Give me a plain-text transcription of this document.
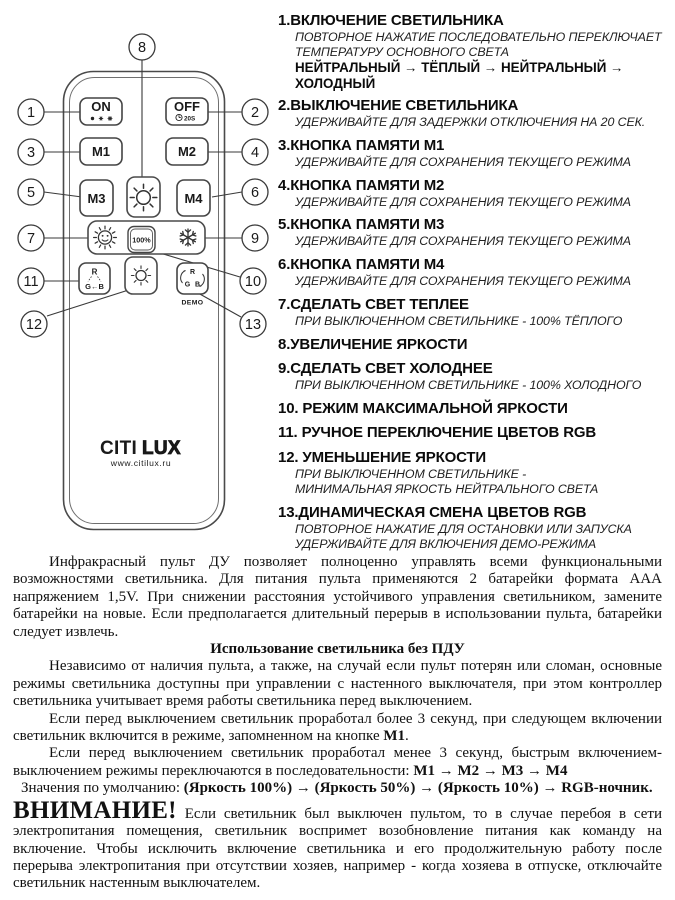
ON	OFF
20S
M1	M2
M3	M4
100%
R
G←B
R
G B
DEMO
CITI LUX
www.citilux.ru
1	2
3	4
5	6
7
8
9
10
11
12	13
1.ВКЛЮЧЕНИЕ СВЕТИЛЬНИКА
ПОВТОРНОЕ НАЖАТИЕ ПОСЛЕДОВАТЕЛЬНО ПЕРЕКЛЮЧАЕТ
ТЕМПЕРАТУРУ ОСНОВНОГО СВЕТА
НЕЙТРАЛЬНЫЙ → ТЁПЛЫЙ → НЕЙТРАЛЬНЫЙ → ХОЛОДНЫЙ
2.ВЫКЛЮЧЕНИЕ СВЕТИЛЬНИКА
УДЕРЖИВАЙТЕ ДЛЯ ЗАДЕРЖКИ ОТКЛЮЧЕНИЯ НА 20 СЕК.
3.КНОПКА ПАМЯТИ М1
УДЕРЖИВАЙТЕ ДЛЯ СОХРАНЕНИЯ ТЕКУЩЕГО РЕЖИМА
4.КНОПКА ПАМЯТИ М2
УДЕРЖИВАЙТЕ ДЛЯ СОХРАНЕНИЯ ТЕКУЩЕГО РЕЖИМА
5.КНОПКА ПАМЯТИ М3
УДЕРЖИВАЙТЕ ДЛЯ СОХРАНЕНИЯ ТЕКУЩЕГО РЕЖИМА
6.КНОПКА ПАМЯТИ М4
УДЕРЖИВАЙТЕ ДЛЯ СОХРАНЕНИЯ ТЕКУЩЕГО РЕЖИМА
7.СДЕЛАТЬ СВЕТ ТЕПЛЕЕ
ПРИ ВЫКЛЮЧЕННОМ СВЕТИЛЬНИКЕ - 100% ТЁПЛОГО
8.УВЕЛИЧЕНИЕ ЯРКОСТИ
9.СДЕЛАТЬ СВЕТ ХОЛОДНЕЕ
ПРИ ВЫКЛЮЧЕННОМ СВЕТИЛЬНИКЕ - 100% ХОЛОДНОГО
10. РЕЖИМ МАКСИМАЛЬНОЙ ЯРКОСТИ
11. РУЧНОЕ ПЕРЕКЛЮЧЕНИЕ ЦВЕТОВ RGB
12. УМЕНЬШЕНИЕ ЯРКОСТИ
ПРИ ВЫКЛЮЧЕННОМ СВЕТИЛЬНИКЕ -
МИНИМАЛЬНАЯ ЯРКОСТЬ НЕЙТРАЛЬНОГО СВЕТА
13.ДИНАМИЧЕСКАЯ СМЕНА ЦВЕТОВ RGB
ПОВТОРНОЕ НАЖАТИЕ ДЛЯ ОСТАНОВКИ ИЛИ ЗАПУСКА
УДЕРЖИВАЙТЕ ДЛЯ ВКЛЮЧЕНИЯ ДЕМО-РЕЖИМА

Инфракрасный пульт ДУ позволяет полноценно управлять всеми функциональными возможностями светильника. Для питания пульта применяются 2 батарейки формата ААА напряжением 1,5V. При снижении расстояния устойчивого управления светильником, замените батарейки на новые. Если предполагается длительный перерыв в использовании пульта, батарейки следует извлечь.

Использование светильника без ПДУ

Независимо от наличия пульта, а также, на случай если пульт потерян или сломан, основные режимы светильника доступны при управлении с настенного выключателя, при этом контроллер светильника учитывает время работы светильника перед выключением.

Если перед выключением светильник проработал более 3 секунд, при следующем включении светильник включится в режиме, запомненном на кнопке М1.

Если перед выключением светильник проработал менее 3 секунд, быстрым включением-выключением режимы переключаются в последовательности: М1 → М2 → М3 → М4

Значения по умолчанию: (Яркость 100%) → (Яркость 50%) → (Яркость 10%) → RGB-ночник.

ВНИМАНИЕ! Если светильник был выключен пультом, то в случае перебоя в сети электропитания помещения, светильник воспримет возобновление питания как команду на включение. Чтобы исключить включение светильника и его продолжительную работу после перерыва электропитания при отсутствии хозяев, например - когда хозяева в отпуске, отключайте светильник настенным выключателем.
